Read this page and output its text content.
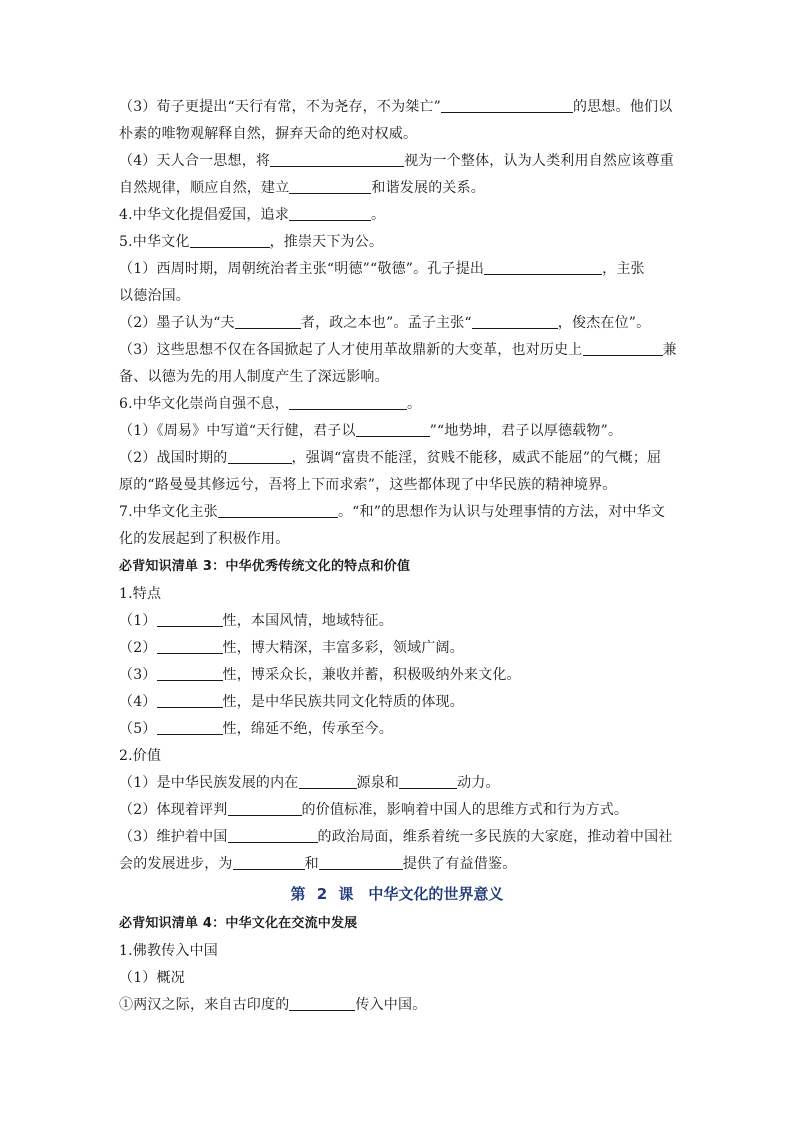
（3）荀子更提出“天行有常，不为尧存，不为桀亡”	的思想。他们以
朴素的唯物观解释自然，摒弃天命的绝对权威。
（4）天人合一思想，将	视为一个整体，认为人类利用自然应该尊重
自然规律，顺应自然，建立	和谐发展的关系。
4.中华文化提倡爱国，追求	。
5.中华文化	，推崇天下为公。
（1）西周时期，周朝统治者主张“明德”“敬德”。孔子提出	，主张
以德治国。
（2）墨子认为“夫	者，政之本也”。孟子主张“	，俊杰在位”。
（3）这些思想不仅在各国掀起了人才使用革故鼎新的大变革，也对历史上	兼
备、以德为先的用人制度产生了深远影响。
6.中华文化崇尚自强不息，	。
（1）《周易》中写道“天行健，君子以	”“地势坤，君子以厚德载物”。
（2）战国时期的	，强调“富贵不能淫，贫贱不能移，威武不能屈”的气概；屈
原的“路曼曼其修远兮，吾将上下而求索”，这些都体现了中华民族的精神境界。
7.中华文化主张	。“和”的思想作为认识与处理事情的方法，对中华文
化的发展起到了积极作用。
必背知识清单 3：中华优秀传统文化的特点和价值
1.特点
（1）	性，本国风情，地域特征。
（2）	性，博大精深，丰富多彩，领域广阔。
（3）	性，博采众长，兼收并蓄，积极吸纳外来文化。
（4）	性，是中华民族共同文化特质的体现。
（5）	性，绵延不绝，传承至今。
2.价值
（1）是中华民族发展的内在	源泉和	动力。
（2）体现着评判	的价值标准，影响着中国人的思维方式和行为方式。
（3）维护着中国	的政治局面，维系着统一多民族的大家庭，推动着中国社
会的发展进步，为	和	提供了有益借鉴。
第 2 课　中华文化的世界意义
必背知识清单 4：中华文化在交流中发展
1.佛教传入中国
（1）概况
①两汉之际，来自古印度的	传入中国。
